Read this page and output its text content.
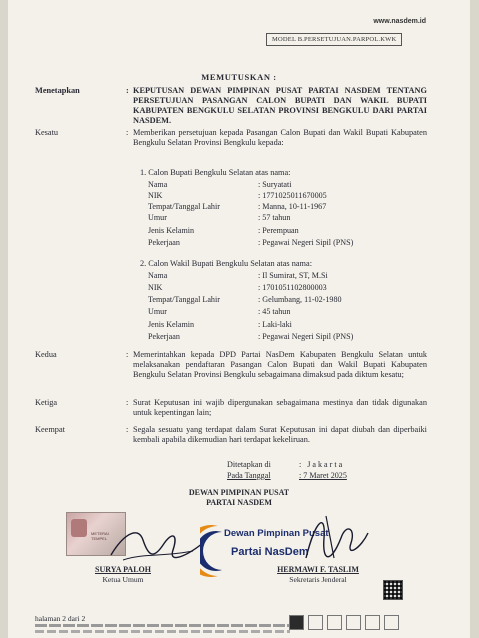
www.nasdem.id
MODEL B.PERSETUJUAN.PARPOL.KWK
MEMUTUSKAN :
Menetapkan	: KEPUTUSAN DEWAN PIMPINAN PUSAT PARTAI NASDEM TENTANG PERSETUJUAN PASANGAN CALON BUPATI DAN WAKIL BUPATI KABUPATEN BENGKULU SELATAN PROVINSI BENGKULU DARI PARTAI NASDEM.
Kesatu	: Memberikan persetujuan kepada Pasangan Calon Bupati dan Wakil Bupati Kabupaten Bengkulu Selatan Provinsi Bengkulu kepada:
1. Calon Bupati Bengkulu Selatan atas nama:
Nama	: Suryatati
NIK	: 1771025011670005
Tempat/Tanggal Lahir	: Manna, 10-11-1967
Umur	: 57 tahun
Jenis Kelamin	: Perempuan
Pekerjaan	: Pegawai Negeri Sipil (PNS)
2. Calon Wakil Bupati Bengkulu Selatan atas nama:
Nama	: Il Sumirat, ST, M.Si
NIK	: 1701051102800003
Tempat/Tanggal Lahir	: Gelumbang, 11-02-1980
Umur	: 45 tahun
Jenis Kelamin	: Laki-laki
Pekerjaan	: Pegawai Negeri Sipil (PNS)
Kedua	: Memerintahkan kepada DPD Partai NasDem Kabupaten Bengkulu Selatan untuk melaksanakan pendaftaran Pasangan Calon Bupati dan Wakil Bupati Kabupaten Bengkulu Selatan Provinsi Bengkulu sebagaimana dimaksud pada diktum kesatu;
Ketiga	: Surat Keputusan ini wajib dipergunakan sebagaimana mestinya dan tidak digunakan untuk kepentingan lain;
Keempat	: Segala sesuatu yang terdapat dalam Surat Keputusan ini dapat diubah dan diperbaiki kembali apabila dikemudian hari terdapat kekeliruan.
Ditetapkan di	: Jakarta
Pada Tanggal	: 7 Maret 2025
DEWAN PIMPINAN PUSAT
PARTAI NASDEM
METERAI TEMPEL	Dewan Pimpinan Pusat
Partai NasDem
SURYA PALOH
Ketua Umum
HERMAWI F. TASLIM
Sekretaris Jenderal
halaman 2 dari 2
